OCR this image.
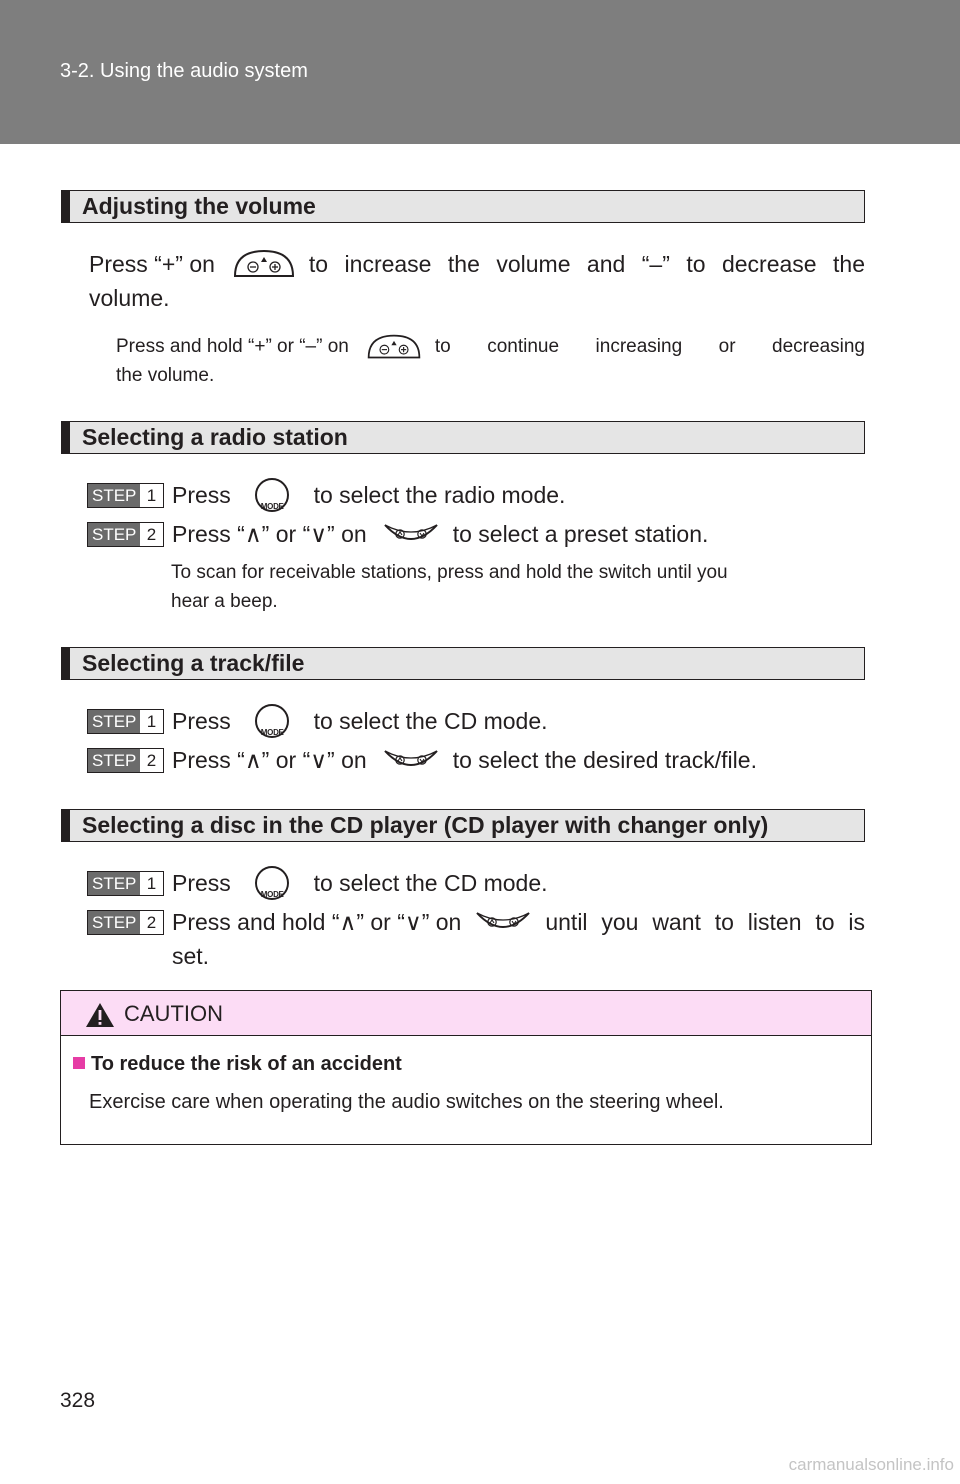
3-2. Using the audio system
Adjusting the volume
Press “+” on	to increase the volume and “–” to decrease the
volume.
Press and hold “+” or “–” on	to continue increasing or decreasing
the volume.
Selecting a radio station
STEP 1 Press	MODE to select the radio mode.
STEP 2 Press “∧” or “∨” on	to select a preset station.
To scan for receivable stations, press and hold the switch until you
hear a beep.
Selecting a track/file
STEP 1 Press	MODE to select the CD mode.
STEP 2 Press “∧” or “∨” on	to select the desired track/file.
Selecting a disc in the CD player (CD player with changer only)
STEP 1 Press	MODE to select the CD mode.
STEP 2 Press and hold “∧” or “∨” on	until you want to listen to is
set.
CAUTION
To reduce the risk of an accident
Exercise care when operating the audio switches on the steering wheel.
328
carmanualsonline.info
